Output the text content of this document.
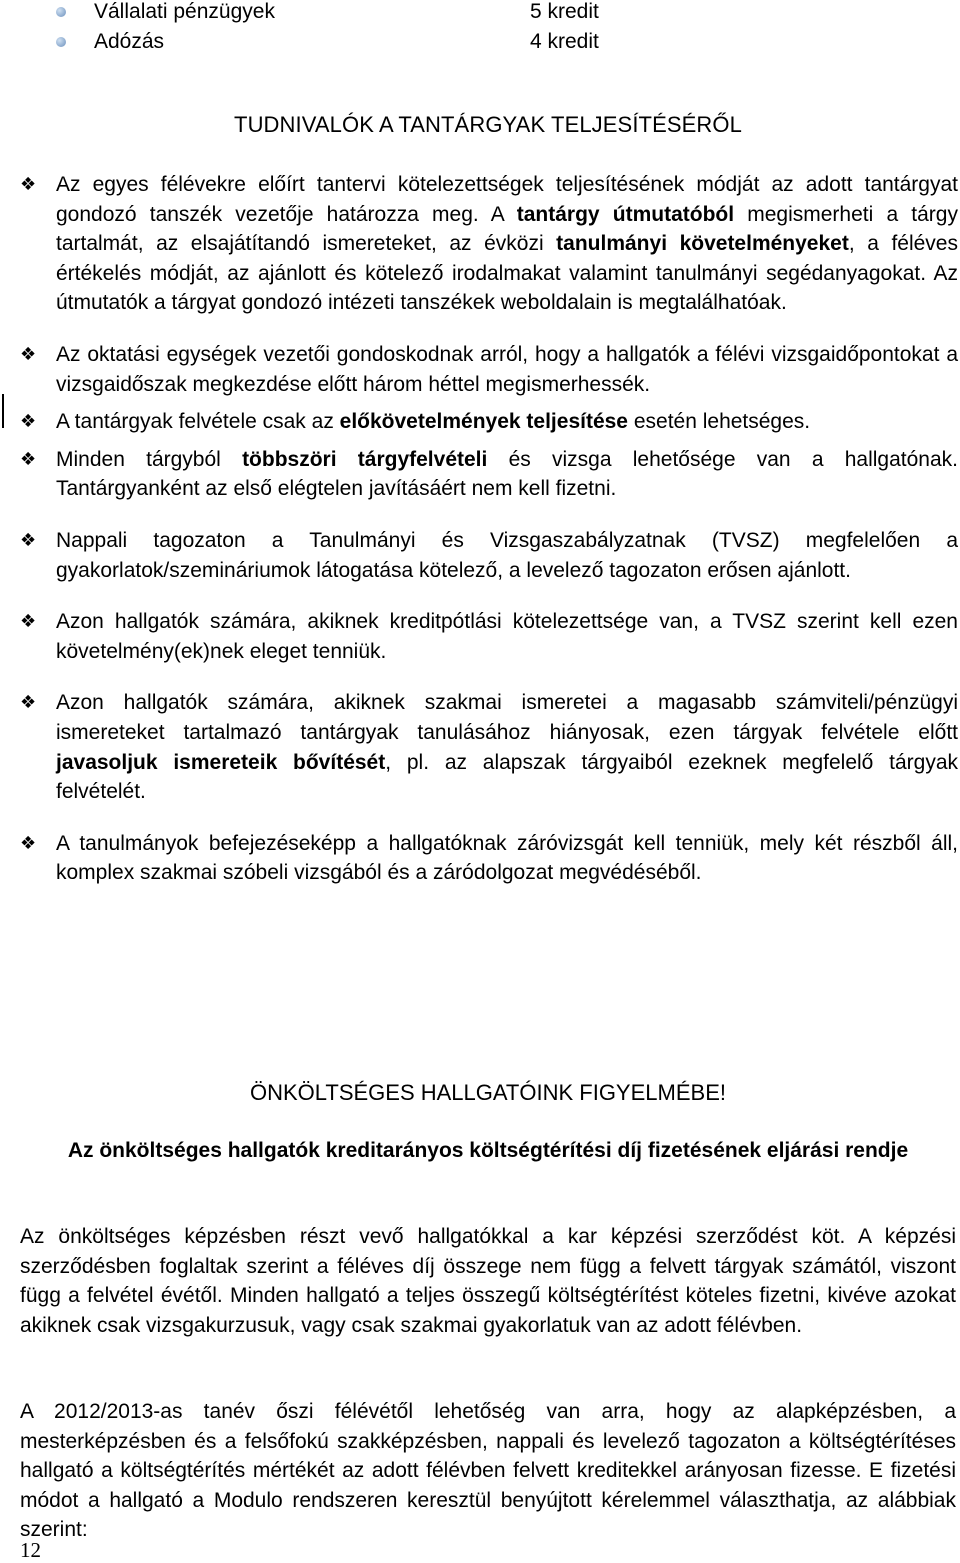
Vállalati pénzügyek	5 kredit
Adózás	4 kredit
TUDNIVALÓK A TANTÁRGYAK TELJESÍTÉSÉRŐL
❖ Az egyes félévekre előírt tantervi kötelezettségek teljesítésének módját az adott tantárgyat gondozó tanszék vezetője határozza meg. A tantárgy útmutatóból megismerheti a tárgy tartalmát, az elsajátítandó ismereteket, az évközi tanulmányi követelményeket, a féléves értékelés módját, az ajánlott és kötelező irodalmakat valamint tanulmányi segédanyagokat. Az útmutatók a tárgyat gondozó intézeti tanszékek weboldalain is megtalálhatóak.
❖ Az oktatási egységek vezetői gondoskodnak arról, hogy a hallgatók a félévi vizsgaidőpontokat a vizsgaidőszak megkezdése előtt három héttel megismerhessék.
❖ A tantárgyak felvétele csak az előkövetelmények teljesítése esetén lehetséges.
❖ Minden tárgyból többszöri tárgyfelvételi és vizsga lehetősége van a hallgatónak. Tantárgyanként az első elégtelen javításáért nem kell fizetni.
❖ Nappali tagozaton a Tanulmányi és Vizsgaszabályzatnak (TVSZ) megfelelően a gyakorlatok/szemináriumok látogatása kötelező, a levelező tagozaton erősen ajánlott.
❖ Azon hallgatók számára, akiknek kreditpótlási kötelezettsége van, a TVSZ szerint kell ezen követelmény(ek)nek eleget tenniük.
❖ Azon hallgatók számára, akiknek szakmai ismeretei a magasabb számviteli/pénzügyi ismereteket tartalmazó tantárgyak tanulásához hiányosak, ezen tárgyak felvétele előtt javasoljuk ismereteik bővítését, pl. az alapszak tárgyaiból ezeknek megfelelő tárgyak felvételét.
❖ A tanulmányok befejezéseképp a hallgatóknak záróvizsgát kell tenniük, mely két részből áll, komplex szakmai szóbeli vizsgából és a záródolgozat megvédéséből.
ÖNKÖLTSÉGES HALLGATÓINK FIGYELMÉBE!
Az önköltséges hallgatók kreditarányos költségtérítési díj fizetésének eljárási rendje
Az önköltséges képzésben részt vevő hallgatókkal a kar képzési szerződést köt. A képzési szerződésben foglaltak szerint a féléves díj összege nem függ a felvett tárgyak számától, viszont függ a felvétel évétől. Minden hallgató a teljes összegű költségtérítést köteles fizetni, kivéve azokat akiknek csak vizsgakurzusuk, vagy csak szakmai gyakorlatuk van az adott félévben.
A 2012/2013-as tanév őszi félévétől lehetőség van arra, hogy az alapképzésben, a mesterképzésben és a felsőfokú szakképzésben, nappali és levelező tagozaton a költségtérítéses hallgató a költségtérítés mértékét az adott félévben felvett kreditekkel arányosan fizesse. E fizetési módot a hallgató a Modulo rendszeren keresztül benyújtott kérelemmel választhatja, az alábbiak szerint:
12
